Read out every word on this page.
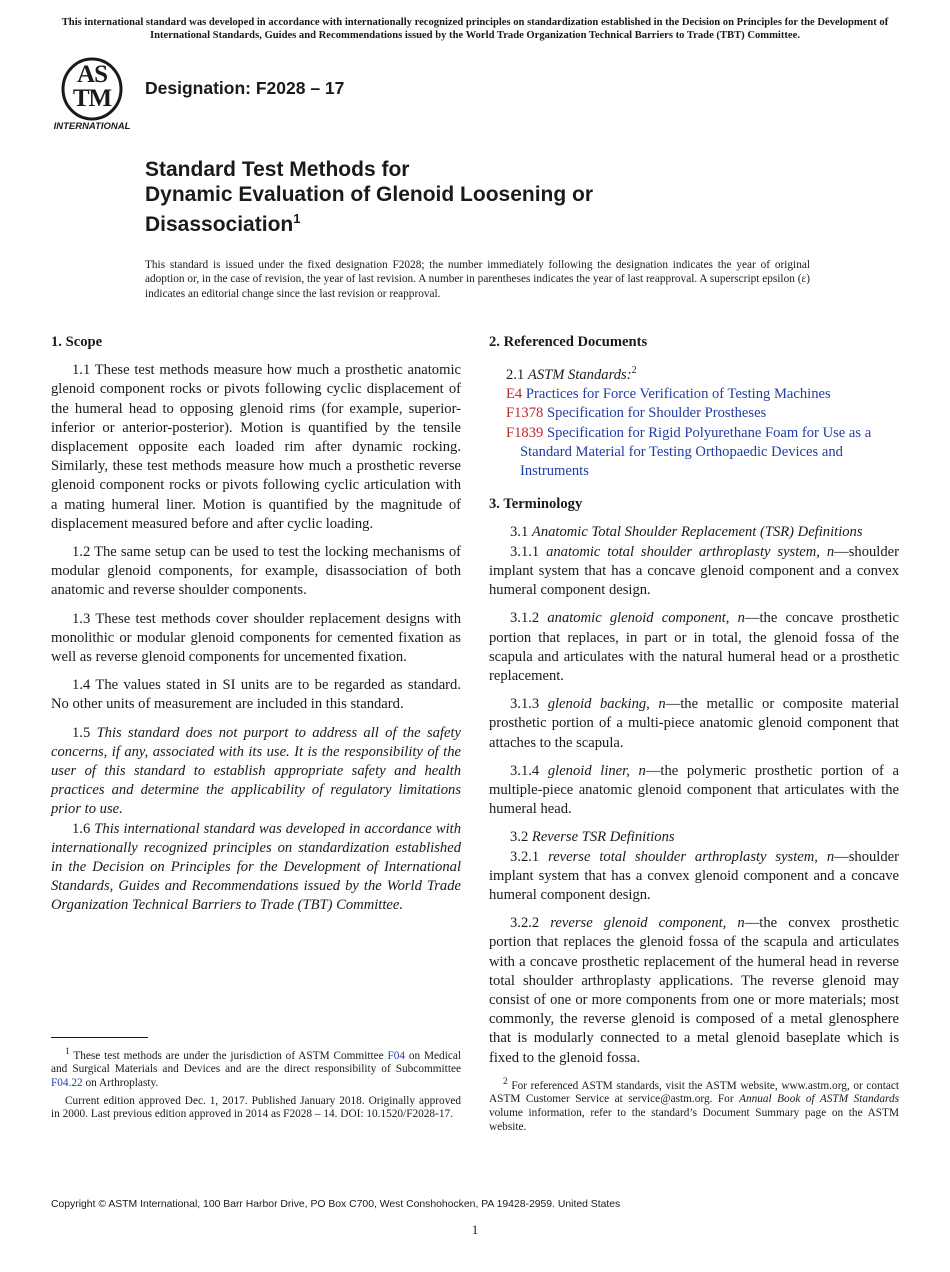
This international standard was developed in accordance with internationally recognized principles on standardization established in the Decision on Principles for the Development of International Standards, Guides and Recommendations issued by the World Trade Organization Technical Barriers to Trade (TBT) Committee.
AS
TM
INTERNATIONAL
Designation: F2028 – 17
Standard Test Methods for
Dynamic Evaluation of Glenoid Loosening or
Disassociation$^1$
This standard is issued under the fixed designation F2028; the number immediately following the designation indicates the year of original adoption or, in the case of revision, the year of last revision. A number in parentheses indicates the year of last reapproval. A superscript epsilon (ε) indicates an editorial change since the last revision or reapproval.
1. Scope

1.1 These test methods measure how much a prosthetic anatomic glenoid component rocks or pivots following cyclic displacement of the humeral head to opposing glenoid rims (for example, superior-inferior or anterior-posterior). Motion is quantified by the tensile displacement opposite each loaded rim after dynamic rocking. Similarly, these test methods measure how much a prosthetic reverse glenoid component rocks or pivots following cyclic articulation with a mating humeral liner. Motion is quantified by the magnitude of displacement measured before and after cyclic loading.

1.2 The same setup can be used to test the locking mechanisms of modular glenoid components, for example, disassociation of both anatomic and reverse shoulder components.

1.3 These test methods cover shoulder replacement designs with monolithic or modular glenoid components for cemented fixation as well as reverse glenoid components for uncemented fixation.

1.4 The values stated in SI units are to be regarded as standard. No other units of measurement are included in this standard.

1.5 This standard does not purport to address all of the safety concerns, if any, associated with its use. It is the responsibility of the user of this standard to establish appropriate safety and health practices and determine the applicability of regulatory limitations prior to use.

1.6 This international standard was developed in accordance with internationally recognized principles on standardization established in the Decision on Principles for the Development of International Standards, Guides and Recommendations issued by the World Trade Organization Technical Barriers to Trade (TBT) Committee.

2. Referenced Documents

2.1 ASTM Standards:$^2$

E4 Practices for Force Verification of Testing Machines

F1378 Specification for Shoulder Prostheses

F1839 Specification for Rigid Polyurethane Foam for Use as a Standard Material for Testing Orthopaedic Devices and Instruments

3. Terminology

3.1 Anatomic Total Shoulder Replacement (TSR) Definitions

3.1.1 anatomic total shoulder arthroplasty system, n—shoulder implant system that has a concave glenoid component and a convex humeral component design.

3.1.2 anatomic glenoid component, n—the concave prosthetic portion that replaces, in part or in total, the glenoid fossa of the scapula and articulates with the natural humeral head or a prosthetic replacement.

3.1.3 glenoid backing, n—the metallic or composite material prosthetic portion of a multi-piece anatomic glenoid component that attaches to the scapula.

3.1.4 glenoid liner, n—the polymeric prosthetic portion of a multiple-piece anatomic glenoid component that articulates with the humeral head.

3.2 Reverse TSR Definitions

3.2.1 reverse total shoulder arthroplasty system, n—shoulder implant system that has a convex glenoid component and a concave humeral component design.

3.2.2 reverse glenoid component, n—the convex prosthetic portion that replaces the glenoid fossa of the scapula and articulates with a concave prosthetic replacement of the humeral head in reverse total shoulder arthroplasty applications. The reverse glenoid may consist of one or more components from one or more materials; most commonly, the reverse glenoid is composed of a metal glenosphere that is modularly connected to a metal glenoid baseplate which is fixed to the glenoid fossa.

$^1$ These test methods are under the jurisdiction of ASTM Committee F04 on Medical and Surgical Materials and Devices and are the direct responsibility of Subcommittee F04.22 on Arthroplasty.

Current edition approved Dec. 1, 2017. Published January 2018. Originally approved in 2000. Last previous edition approved in 2014 as F2028 – 14. DOI: 10.1520/F2028-17.

$^2$ For referenced ASTM standards, visit the ASTM website, www.astm.org, or contact ASTM Customer Service at service@astm.org. For Annual Book of ASTM Standards volume information, refer to the standard’s Document Summary page on the ASTM website.

Copyright © ASTM International, 100 Barr Harbor Drive, PO Box C700, West Conshohocken, PA 19428-2959. United States
1
